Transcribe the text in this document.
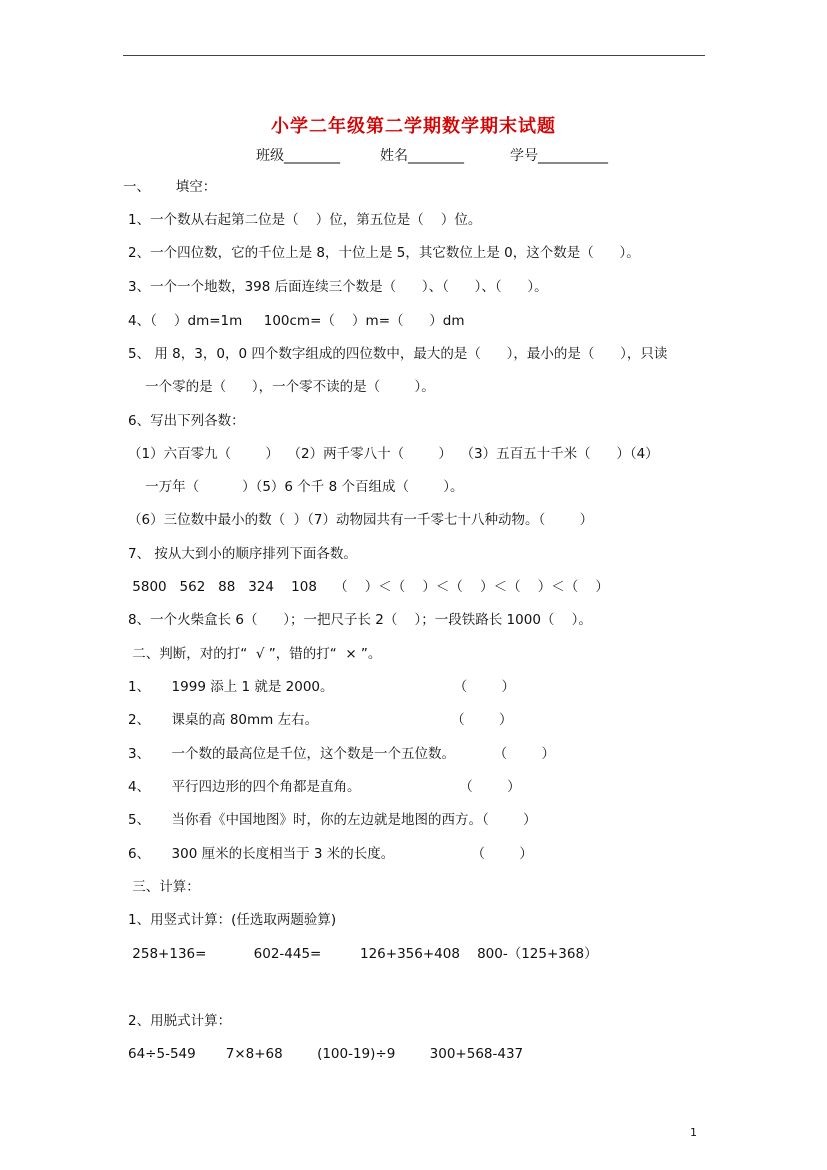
小学二年级第二学期数学期末试题
班级________	姓名________	学号__________
一、      填空：
1、一个数从右起第二位是（    ）位，第五位是（    ）位。
2、一个四位数，它的千位上是 8，十位上是 5，其它数位上是 0，这个数是（      ）。
3、一个一个地数，398 后面连续三个数是（      ）、（      ）、（      ）。
4、（    ）dm=1m     100cm=（    ）m=（      ）dm
5、 用 8，3，0，0 四个数字组成的四位数中，最大的是（      ），最小的是（      ），只读
一个零的是（      ），一个零不读的是（        ）。
6、写出下列各数：
（1）六百零九（        ）  （2）两千零八十（        ）  （3）五百五十千米（      ）（4）
一万年（          ）（5）6 个千 8 个百组成（        ）。
（6）三位数中最小的数（  ）（7）动物园共有一千零七十八种动物。（        ）
7、 按从大到小的顺序排列下面各数。
5800   562   88   324    108    （    ）＜（    ）＜（    ）＜（    ）＜（    ）
8、一个火柴盒长 6（      ）；一把尺子长 2（    ）；一段铁路长 1000（    ）。
二、判断，对的打“  √ ”，错的打“  × ”。
1、     1999 添上 1 就是 2000。                            （        ）
2、     课桌的高 80mm 左右。                               （        ）
3、     一个数的最高位是千位，这个数是一个五位数。         （        ）
4、     平行四边形的四个角都是直角。                       （        ）
5、     当你看《中国地图》时，你的左边就是地图的西方。（        ）
6、     300 厘米的长度相当于 3 米的长度。                  （        ）
三、计算：
1、用竖式计算：(任选取两题验算)
258+136=           602-445=         126+356+408    800-（125+368）
2、用脱式计算：
64÷5-549       7×8+68        (100-19)÷9        300+568-437
1
